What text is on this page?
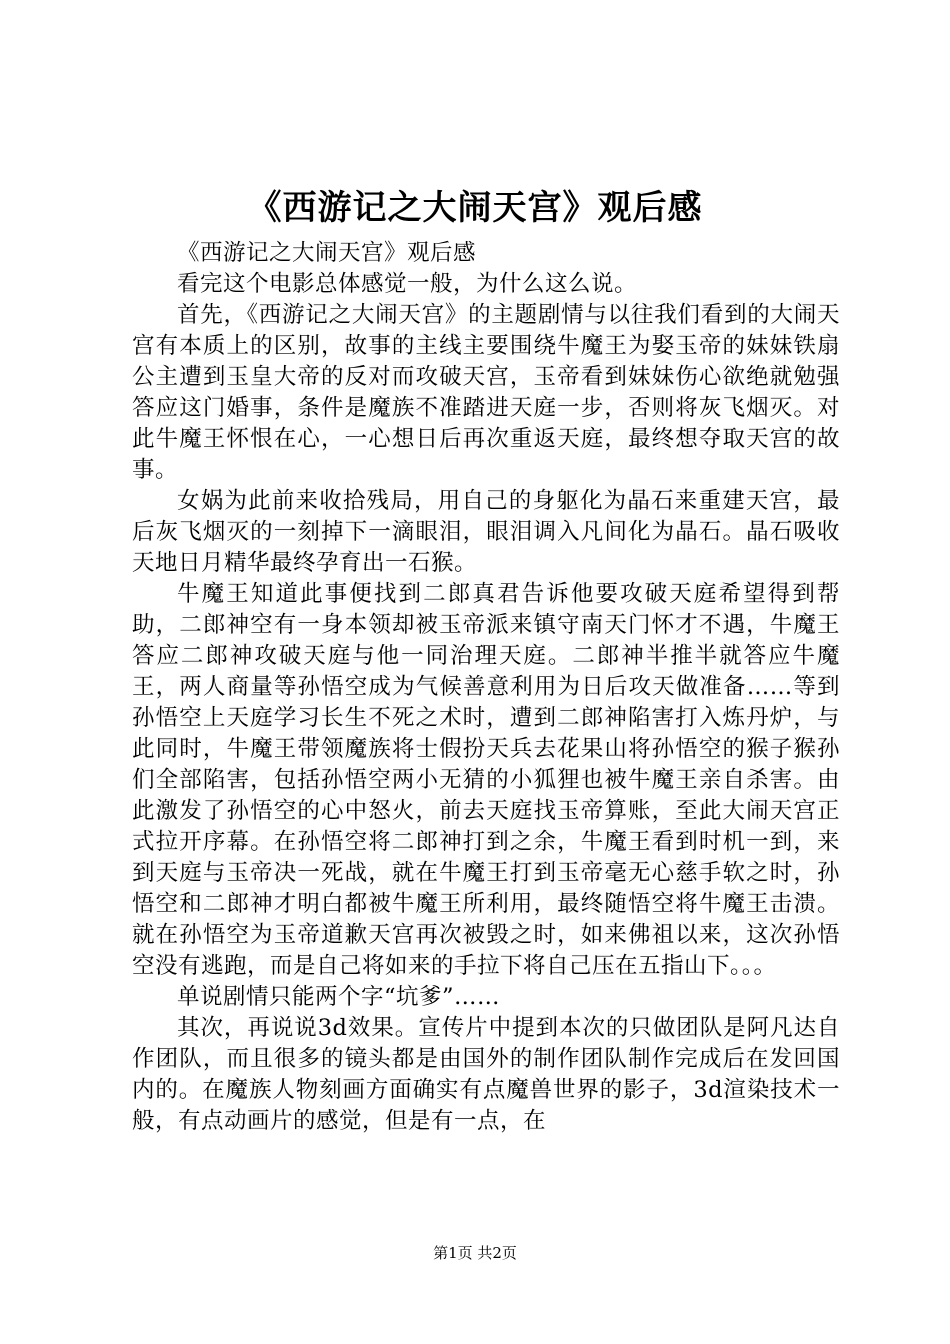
《西游记之大闹天宫》观后感

《西游记之大闹天宫》观后感

看完这个电影总体感觉一般，为什么这么说。

首先，《西游记之大闹天宫》的主题剧情与以往我们看到的大闹天宫有本质上的区别，故事的主线主要围绕牛魔王为娶玉帝的妹妹铁扇公主遭到玉皇大帝的反对而攻破天宫，玉帝看到妹妹伤心欲绝就勉强答应这门婚事，条件是魔族不准踏进天庭一步，否则将灰飞烟灭。对此牛魔王怀恨在心，一心想日后再次重返天庭，最终想夺取天宫的故事。

女娲为此前来收拾残局，用自己的身躯化为晶石来重建天宫，最后灰飞烟灭的一刻掉下一滴眼泪，眼泪调入凡间化为晶石。晶石吸收天地日月精华最终孕育出一石猴。

牛魔王知道此事便找到二郎真君告诉他要攻破天庭希望得到帮助，二郎神空有一身本领却被玉帝派来镇守南天门怀才不遇，牛魔王答应二郎神攻破天庭与他一同治理天庭。二郎神半推半就答应牛魔王，两人商量等孙悟空成为气候善意利用为日后攻天做准备……等到孙悟空上天庭学习长生不死之术时，遭到二郎神陷害打入炼丹炉，与此同时，牛魔王带领魔族将士假扮天兵去花果山将孙悟空的猴子猴孙们全部陷害，包括孙悟空两小无猜的小狐狸也被牛魔王亲自杀害。由此激发了孙悟空的心中怒火，前去天庭找玉帝算账，至此大闹天宫正式拉开序幕。在孙悟空将二郎神打到之余，牛魔王看到时机一到，来到天庭与玉帝决一死战，就在牛魔王打到玉帝毫无心慈手软之时，孙悟空和二郎神才明白都被牛魔王所利用，最终随悟空将牛魔王击溃。就在孙悟空为玉帝道歉天宫再次被毁之时，如来佛祖以来，这次孙悟空没有逃跑，而是自己将如来的手拉下将自己压在五指山下。。。

单说剧情只能两个字“坑爹”……

其次，再说说3d效果。宣传片中提到本次的只做团队是阿凡达自作团队，而且很多的镜头都是由国外的制作团队制作完成后在发回国内的。在魔族人物刻画方面确实有点魔兽世界的影子，3d渲染技术一般，有点动画片的感觉，但是有一点，在

第1页 共2页
